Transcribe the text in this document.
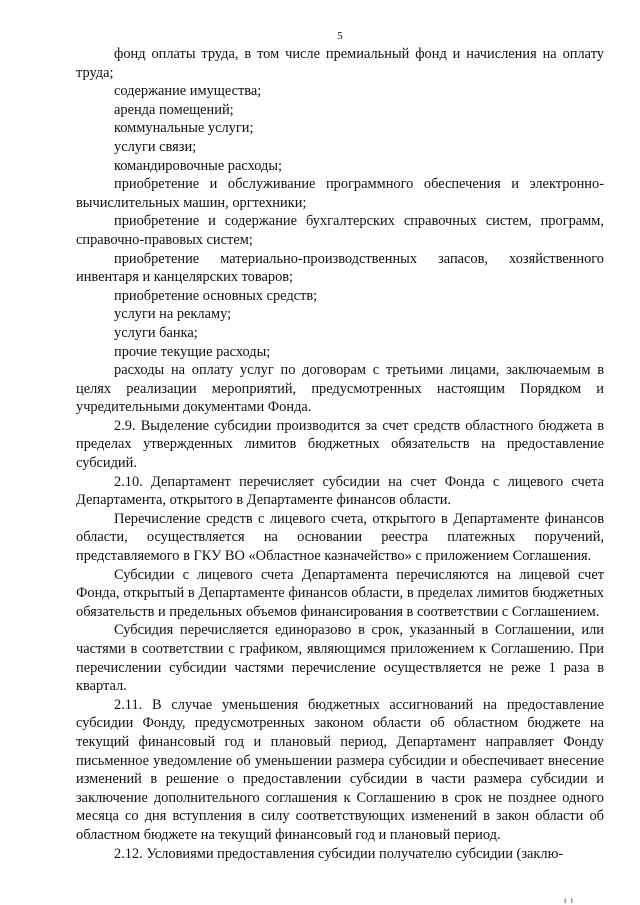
5

фонд оплаты труда, в том числе премиальный фонд и начисления на оплату труда;

содержание имущества;

аренда помещений;

коммунальные услуги;

услуги связи;

командировочные расходы;

приобретение и обслуживание программного обеспечения и электронно-вычислительных машин, оргтехники;

приобретение и содержание бухгалтерских справочных систем, программ, справочно-правовых систем;

приобретение материально-производственных запасов, хозяйственного инвентаря и канцелярских товаров;

приобретение основных средств;

услуги на рекламу;

услуги банка;

прочие текущие расходы;

расходы на оплату услуг по договорам с третьими лицами, заключаемым в целях реализации мероприятий, предусмотренных настоящим Порядком и учредительными документами Фонда.

2.9. Выделение субсидии производится за счет средств областного бюджета в пределах утвержденных лимитов бюджетных обязательств на предоставление субсидий.

2.10. Департамент перечисляет субсидии на счет Фонда с лицевого счета Департамента, открытого в Департаменте финансов области.

Перечисление средств с лицевого счета, открытого в Департаменте финансов области, осуществляется на основании реестра платежных поручений, представляемого в ГКУ ВО «Областное казначейство» с приложением Соглашения.

Субсидии с лицевого счета Департамента перечисляются на лицевой счет Фонда, открытый в Департаменте финансов области, в пределах лимитов бюджетных обязательств и предельных объемов финансирования в соответствии с Соглашением.

Субсидия перечисляется единоразово в срок, указанный в Соглашении, или частями в соответствии с графиком, являющимся приложением к Соглашению. При перечислении субсидии частями перечисление осуществляется не реже 1 раза в квартал.

2.11. В случае уменьшения бюджетных ассигнований на предоставление субсидии Фонду, предусмотренных законом области об областном бюджете на текущий финансовый год и плановый период, Департамент направляет Фонду письменное уведомление об уменьшении размера субсидии и обеспечивает внесение изменений в решение о предоставлении субсидии в части размера субсидии и заключение дополнительного соглашения к Соглашению в срок не позднее одного месяца со дня вступления в силу соответствующих изменений в закон области об областном бюджете на текущий финансовый год и плановый период.

2.12. Условиями предоставления субсидии получателю субсидии (заклю-

ı ı
